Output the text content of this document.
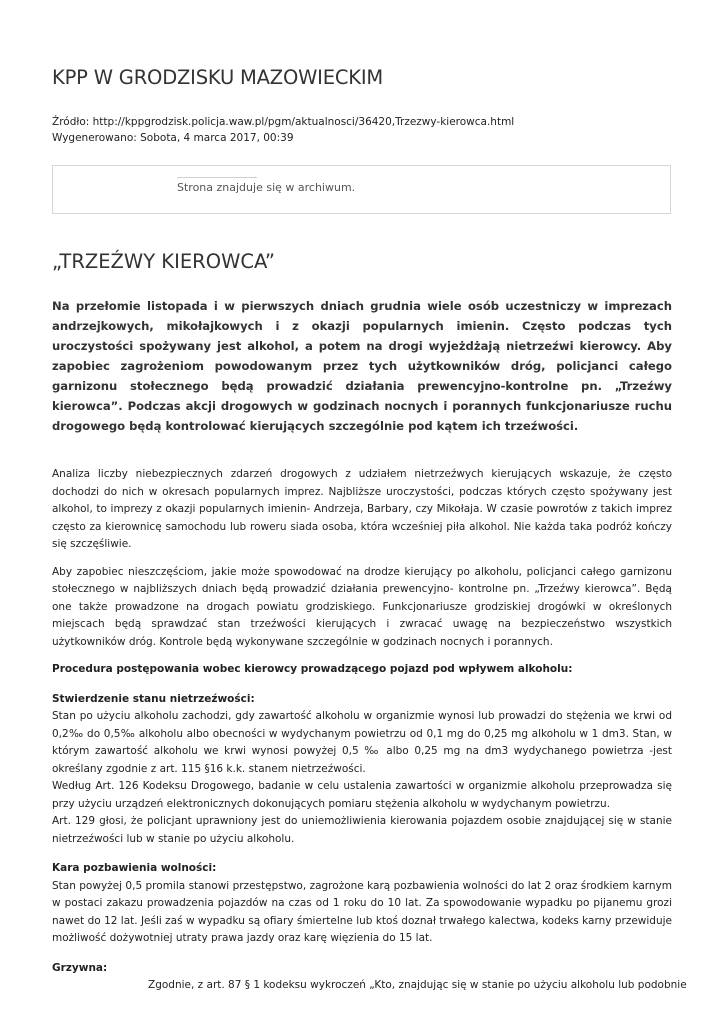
KPP W GRODZISKU MAZOWIECKIM
Źródło: http://kppgrodzisk.policja.waw.pl/pgm/aktualnosci/36420,Trzezwy-kierowca.html
Wygenerowano: Sobota, 4 marca 2017, 00:39
Strona znajduje się w archiwum.
„TRZEŹWY KIEROWCA”

Na przełomie listopada i w pierwszych dniach grudnia wiele osób uczestniczy w imprezach andrzejkowych, mikołajkowych i z okazji popularnych imienin. Często podczas tych uroczystości spożywany jest alkohol, a potem na drogi wyjeżdżają nietrzeźwi kierowcy. Aby zapobiec zagrożeniom powodowanym przez tych użytkowników dróg, policjanci całego garnizonu stołecznego będą prowadzić działania prewencyjno-kontrolne pn. „Trzeźwy kierowca”. Podczas akcji drogowych w godzinach nocnych i porannych funkcjonariusze ruchu drogowego będą kontrolować kierujących szczególnie pod kątem ich trzeźwości.

Analiza liczby niebezpiecznych zdarzeń drogowych z udziałem nietrzeźwych kierujących wskazuje, że często dochodzi do nich w okresach popularnych imprez. Najbliższe uroczystości, podczas których często spożywany jest alkohol, to imprezy z okazji popularnych imienin- Andrzeja, Barbary, czy Mikołaja. W czasie powrotów z takich imprez często za kierownicę samochodu lub roweru siada osoba, która wcześniej piła alkohol. Nie każda taka podróż kończy się szczęśliwie.

Aby zapobiec nieszczęściom, jakie może spowodować na drodze kierujący po alkoholu, policjanci całego garnizonu stołecznego w najbliższych dniach będą prowadzić działania prewencyjno- kontrolne pn. „Trzeźwy kierowca”. Będą one także prowadzone na drogach powiatu grodziskiego. Funkcjonariusze grodziskiej drogówki w określonych miejscach będą sprawdzać stan trzeźwości kierujących i zwracać uwagę na bezpieczeństwo wszystkich użytkowników dróg. Kontrole będą wykonywane szczególnie w godzinach nocnych i porannych.

Procedura postępowania wobec kierowcy prowadzącego pojazd pod wpływem alkoholu:

Stwierdzenie stanu nietrzeźwości:

Stan po użyciu alkoholu zachodzi, gdy zawartość alkoholu w organizmie wynosi lub prowadzi do stężenia we krwi od 0,2‰ do 0,5‰ alkoholu albo obecności w wydychanym powietrzu od 0,1 mg do 0,25 mg alkoholu w 1 dm3. Stan, w którym zawartość alkoholu we krwi wynosi powyżej 0,5 ‰ albo 0,25 mg na dm3 wydychanego powietrza -jest określany zgodnie z art. 115 §16 k.k. stanem nietrzeźwości.
Według Art. 126 Kodeksu Drogowego, badanie w celu ustalenia zawartości w organizmie alkoholu przeprowadza się przy użyciu urządzeń elektronicznych dokonujących pomiaru stężenia alkoholu w wydychanym powietrzu.
Art. 129 głosi, że policjant uprawniony jest do uniemożliwienia kierowania pojazdem osobie znajdującej się w stanie nietrzeźwości lub w stanie po użyciu alkoholu.

Kara pozbawienia wolności:

Stan powyżej 0,5 promila stanowi przestępstwo, zagrożone karą pozbawienia wolności do lat 2 oraz środkiem karnym w postaci zakazu prowadzenia pojazdów na czas od 1 roku do 10 lat. Za spowodowanie wypadku po pijanemu grozi nawet do 12 lat. Jeśli zaś w wypadku są ofiary śmiertelne lub ktoś doznał trwałego kalectwa, kodeks karny przewiduje możliwość dożywotniej utraty prawa jazdy oraz karę więzienia do 15 lat.

Grzywna:

Zgodnie, z art. 87 § 1 kodeksu wykroczeń „Kto, znajdując się w stanie po użyciu alkoholu lub podobnie
